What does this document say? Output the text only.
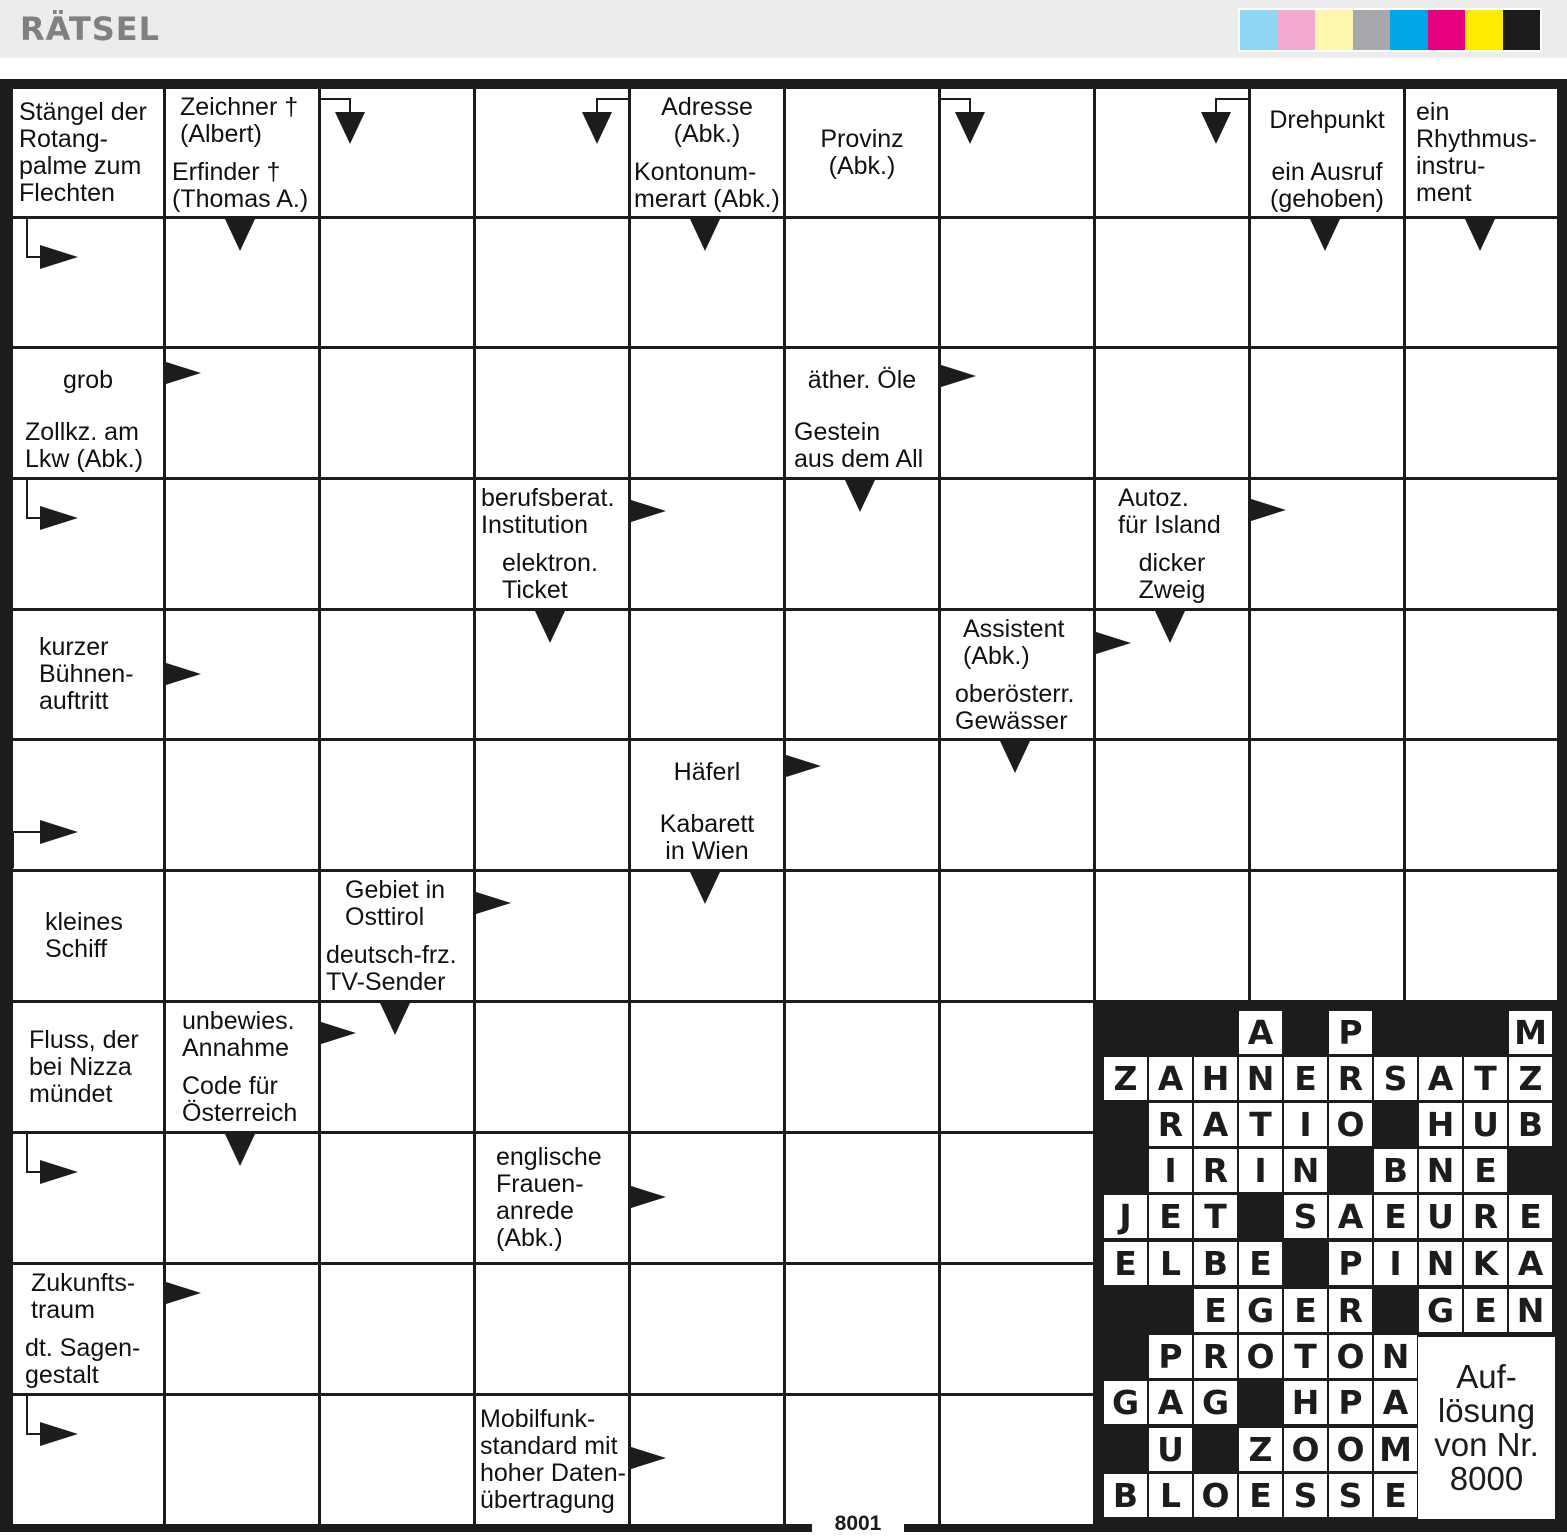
RÄTSEL
Stängel der
Rotang-
palme zum
Flechten
Zeichner †
(Albert)
Erfinder †
(Thomas A.)
Adresse
(Abk.)
Kontonum-
merart (Abk.)
Provinz
(Abk.)
Drehpunkt
ein Ausruf
(gehoben)
ein
Rhythmus-
instru-
ment
grob
Zollkz. am
Lkw (Abk.)
äther. Öle
Gestein
aus dem All
berufsberat.
Institution
elektron.
Ticket
Autoz.
für Island
dicker
Zweig
kurzer
Bühnen-
auftritt
Assistent
(Abk.)
oberösterr.
Gewässer
Häferl
Kabarett
in Wien
kleines
Schiff
Gebiet in
Osttirol
deutsch-frz.
TV-Sender
Fluss, der
bei Nizza
mündet
unbewies.
Annahme
Code für
Österreich
englische
Frauen-
anrede
(Abk.)
Zukunfts-
traum
dt. Sagen-
gestalt
Mobilfunk-
standard mit
hoher Daten-
übertragung
A P	M
Z A H N E R S A T Z
R A T I O H U B
I R I N B N E
J E T	S A E U R E
E L B E	P I N K A
E G E R G E N
P R O T O N
G A G H P A
U Z O O M
B L O E S S E
Auf-
lösung
von Nr.
8000
8001
